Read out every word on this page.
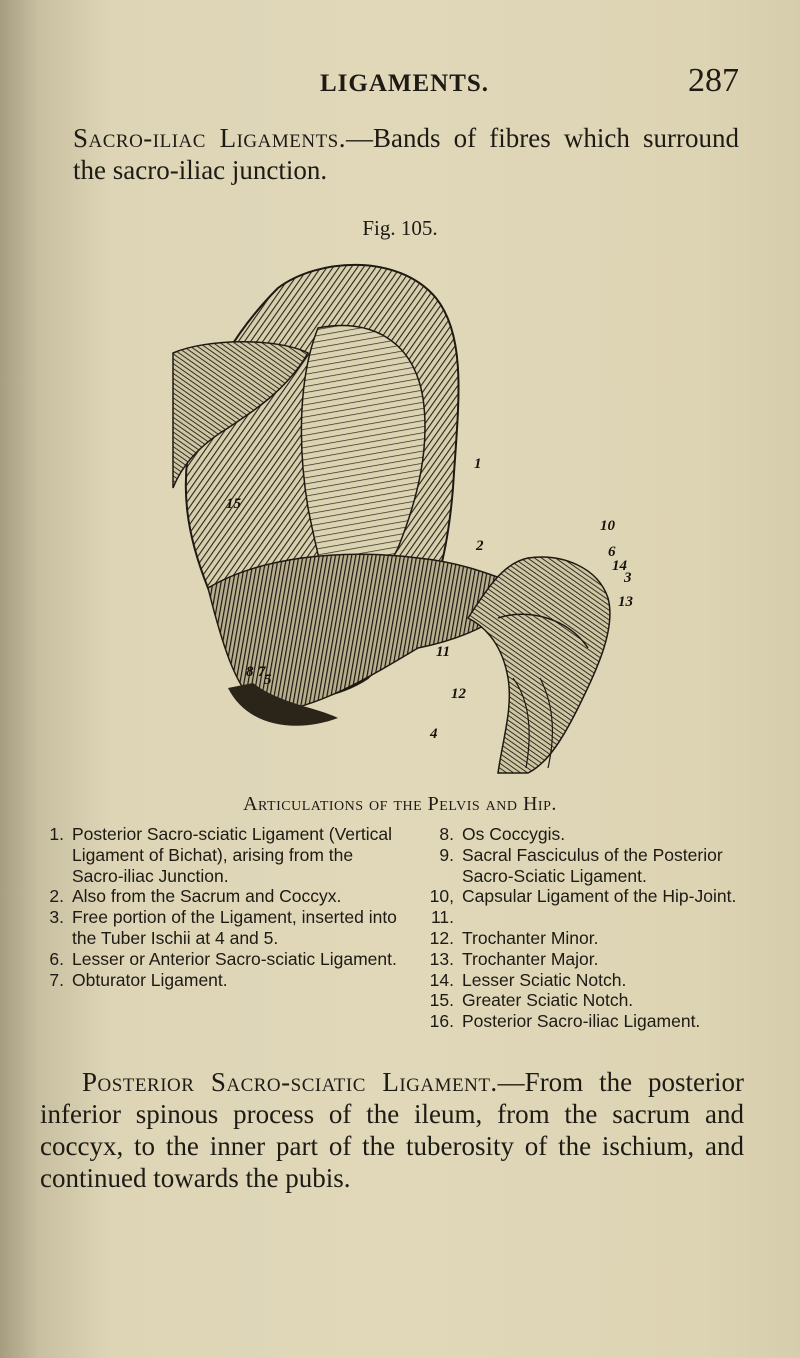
LIGAMENTS.	287
Sacro-iliac Ligaments.—Bands of fibres which surround the sacro-iliac junction.
Fig. 105.
1
2
3
4
5
6
7
8
10
11
12
13
14
15
Articulations of the Pelvis and Hip.
1. Posterior Sacro-sciatic Ligament (Vertical Ligament of Bichat), arising from the Sacro-iliac Junction.
2. Also from the Sacrum and Coccyx.
3. Free portion of the Ligament, inserted into the Tuber Ischii at 4 and 5.
6. Lesser or Anterior Sacro-sciatic Ligament.
7. Obturator Ligament.
8. Os Coccygis.
9. Sacral Fasciculus of the Posterior Sacro-Sciatic Ligament.
10, 11.
Capsular Ligament of the Hip-Joint.
12. Trochanter Minor.
13. Trochanter Major.
14. Lesser Sciatic Notch.
15. Greater Sciatic Notch.
16. Posterior Sacro-iliac Ligament.
Posterior Sacro-sciatic Ligament.—From the posterior inferior spinous process of the ileum, from the sacrum and coccyx, to the inner part of the tuberosity of the ischium, and continued towards the pubis.
